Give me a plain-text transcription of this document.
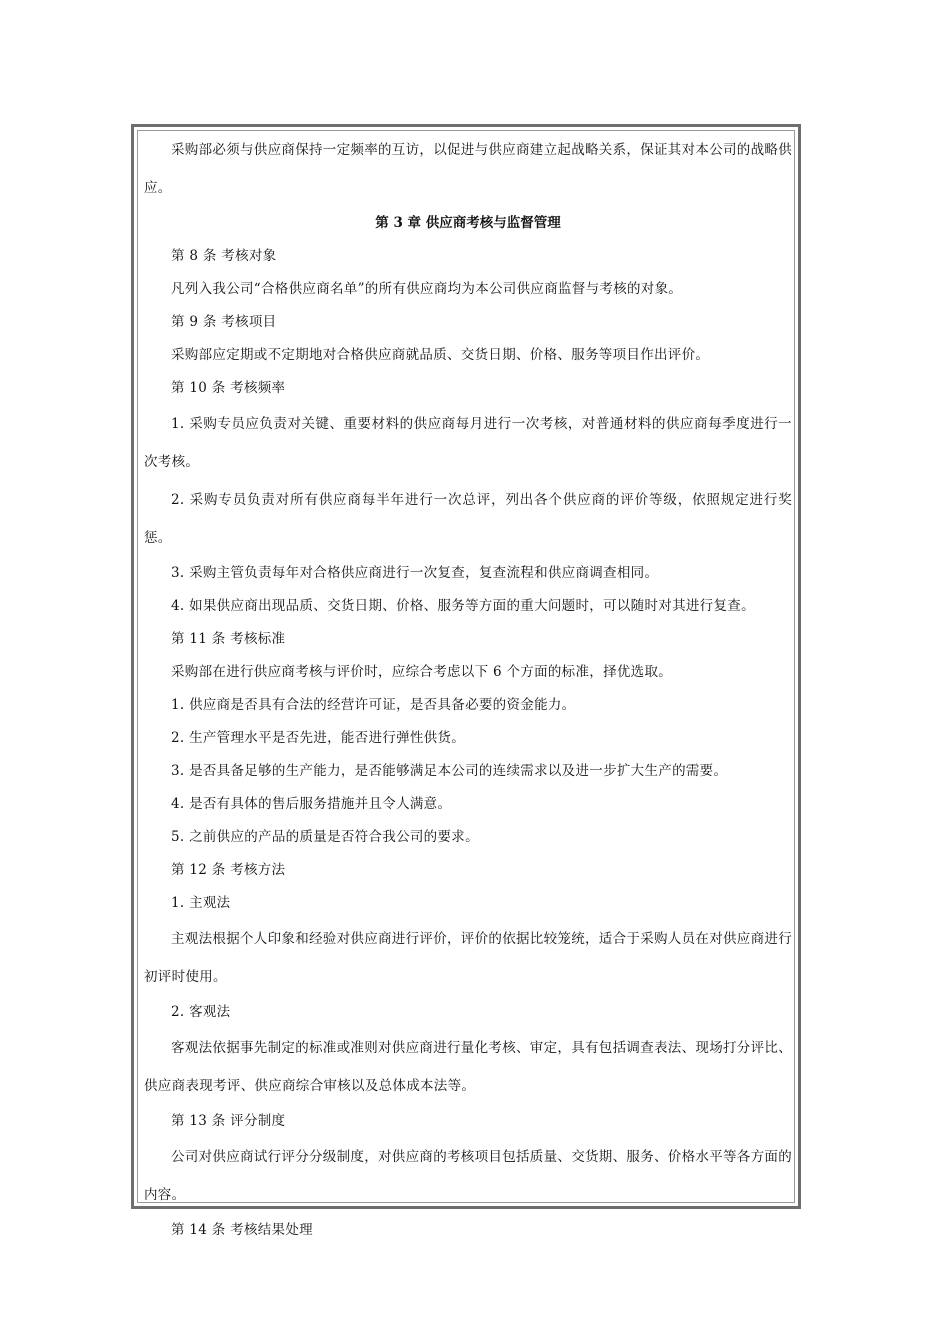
采购部必须与供应商保持一定频率的互访，以促进与供应商建立起战略关系，保证其对本公司的战略供应。

第 3 章 供应商考核与监督管理

第 8 条 考核对象

凡列入我公司“合格供应商名单”的所有供应商均为本公司供应商监督与考核的对象。

第 9 条 考核项目

采购部应定期或不定期地对合格供应商就品质、交货日期、价格、服务等项目作出评价。

第 10 条 考核频率

1. 采购专员应负责对关键、重要材料的供应商每月进行一次考核，对普通材料的供应商每季度进行一次考核。

2. 采购专员负责对所有供应商每半年进行一次总评，列出各个供应商的评价等级，依照规定进行奖惩。

3. 采购主管负责每年对合格供应商进行一次复查，复查流程和供应商调查相同。

4. 如果供应商出现品质、交货日期、价格、服务等方面的重大问题时，可以随时对其进行复查。

第 11 条 考核标准

采购部在进行供应商考核与评价时，应综合考虑以下 6 个方面的标准，择优选取。

1. 供应商是否具有合法的经营许可证，是否具备必要的资金能力。

2. 生产管理水平是否先进，能否进行弹性供货。

3. 是否具备足够的生产能力，是否能够满足本公司的连续需求以及进一步扩大生产的需要。

4. 是否有具体的售后服务措施并且令人满意。

5. 之前供应的产品的质量是否符合我公司的要求。

第 12 条 考核方法

1. 主观法

主观法根据个人印象和经验对供应商进行评价，评价的依据比较笼统，适合于采购人员在对供应商进行初评时使用。

2. 客观法

客观法依据事先制定的标准或准则对供应商进行量化考核、审定，具有包括调查表法、现场打分评比、供应商表现考评、供应商综合审核以及总体成本法等。

第 13 条 评分制度

公司对供应商试行评分分级制度，对供应商的考核项目包括质量、交货期、服务、价格水平等各方面的内容。

第 14 条 考核结果处理
